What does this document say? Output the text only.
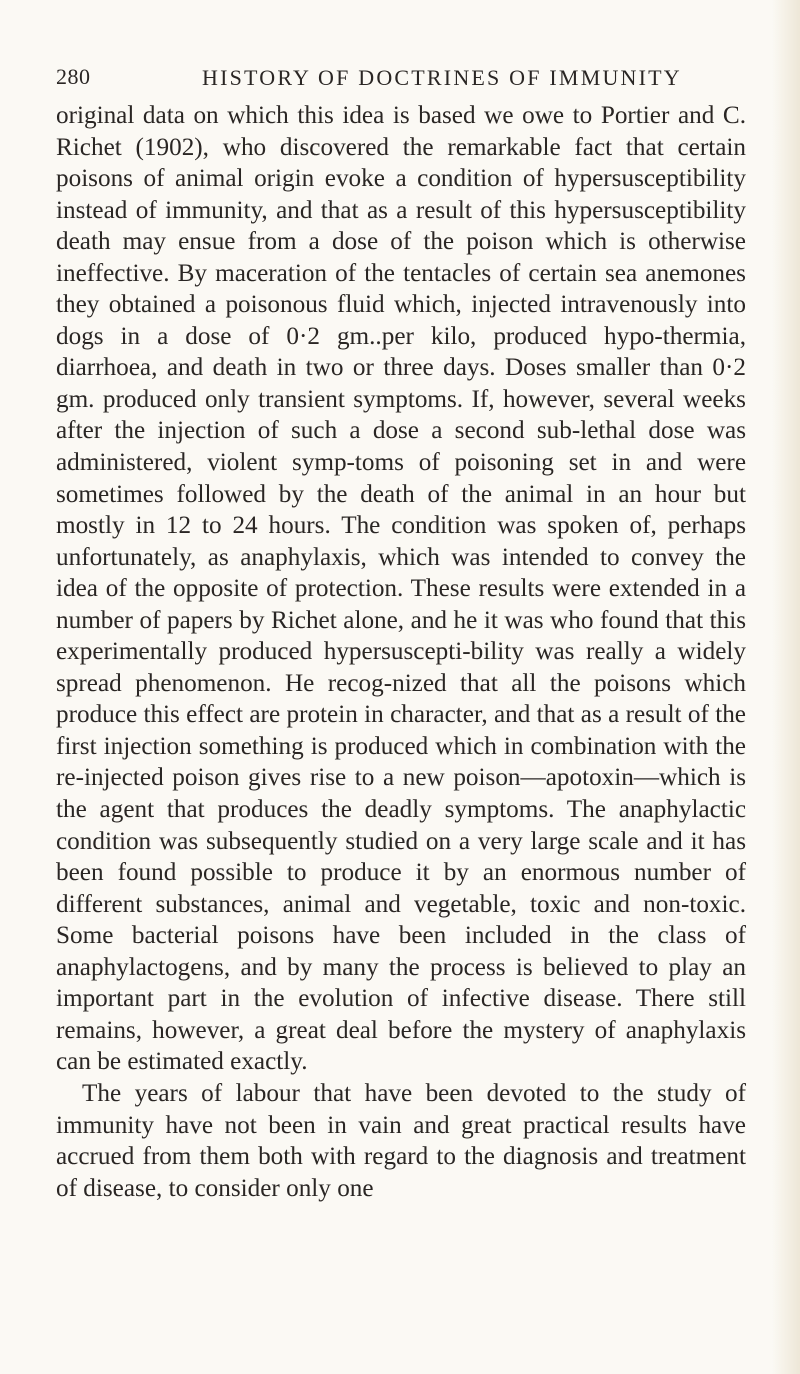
280	HISTORY OF DOCTRINES OF IMMUNITY

original data on which this idea is based we owe to Portier and C. Richet (1902), who discovered the remarkable fact that certain poisons of animal origin evoke a condition of hypersusceptibility instead of immunity, and that as a result of this hypersusceptibility death may ensue from a dose of the poison which is otherwise ineffective. By maceration of the tentacles of certain sea anemones they obtained a poisonous fluid which, injected intravenously into dogs in a dose of 0·2 gm..per kilo, produced hypo-thermia, diarrhoea, and death in two or three days. Doses smaller than 0·2 gm. produced only transient symptoms. If, however, several weeks after the injection of such a dose a second sub-lethal dose was administered, violent symp-toms of poisoning set in and were sometimes followed by the death of the animal in an hour but mostly in 12 to 24 hours. The condition was spoken of, perhaps unfortunately, as anaphylaxis, which was intended to convey the idea of the opposite of protection. These results were extended in a number of papers by Richet alone, and he it was who found that this experimentally produced hypersuscepti-bility was really a widely spread phenomenon. He recog-nized that all the poisons which produce this effect are protein in character, and that as a result of the first injection something is produced which in combination with the re-injected poison gives rise to a new poison—apotoxin—which is the agent that produces the deadly symptoms. The anaphylactic condition was subsequently studied on a very large scale and it has been found possible to produce it by an enormous number of different substances, animal and vegetable, toxic and non-toxic. Some bacterial poisons have been included in the class of anaphylactogens, and by many the process is believed to play an important part in the evolution of infective disease. There still remains, however, a great deal before the mystery of anaphylaxis can be estimated exactly.

The years of labour that have been devoted to the study of immunity have not been in vain and great practical results have accrued from them both with regard to the diagnosis and treatment of disease, to consider only one
